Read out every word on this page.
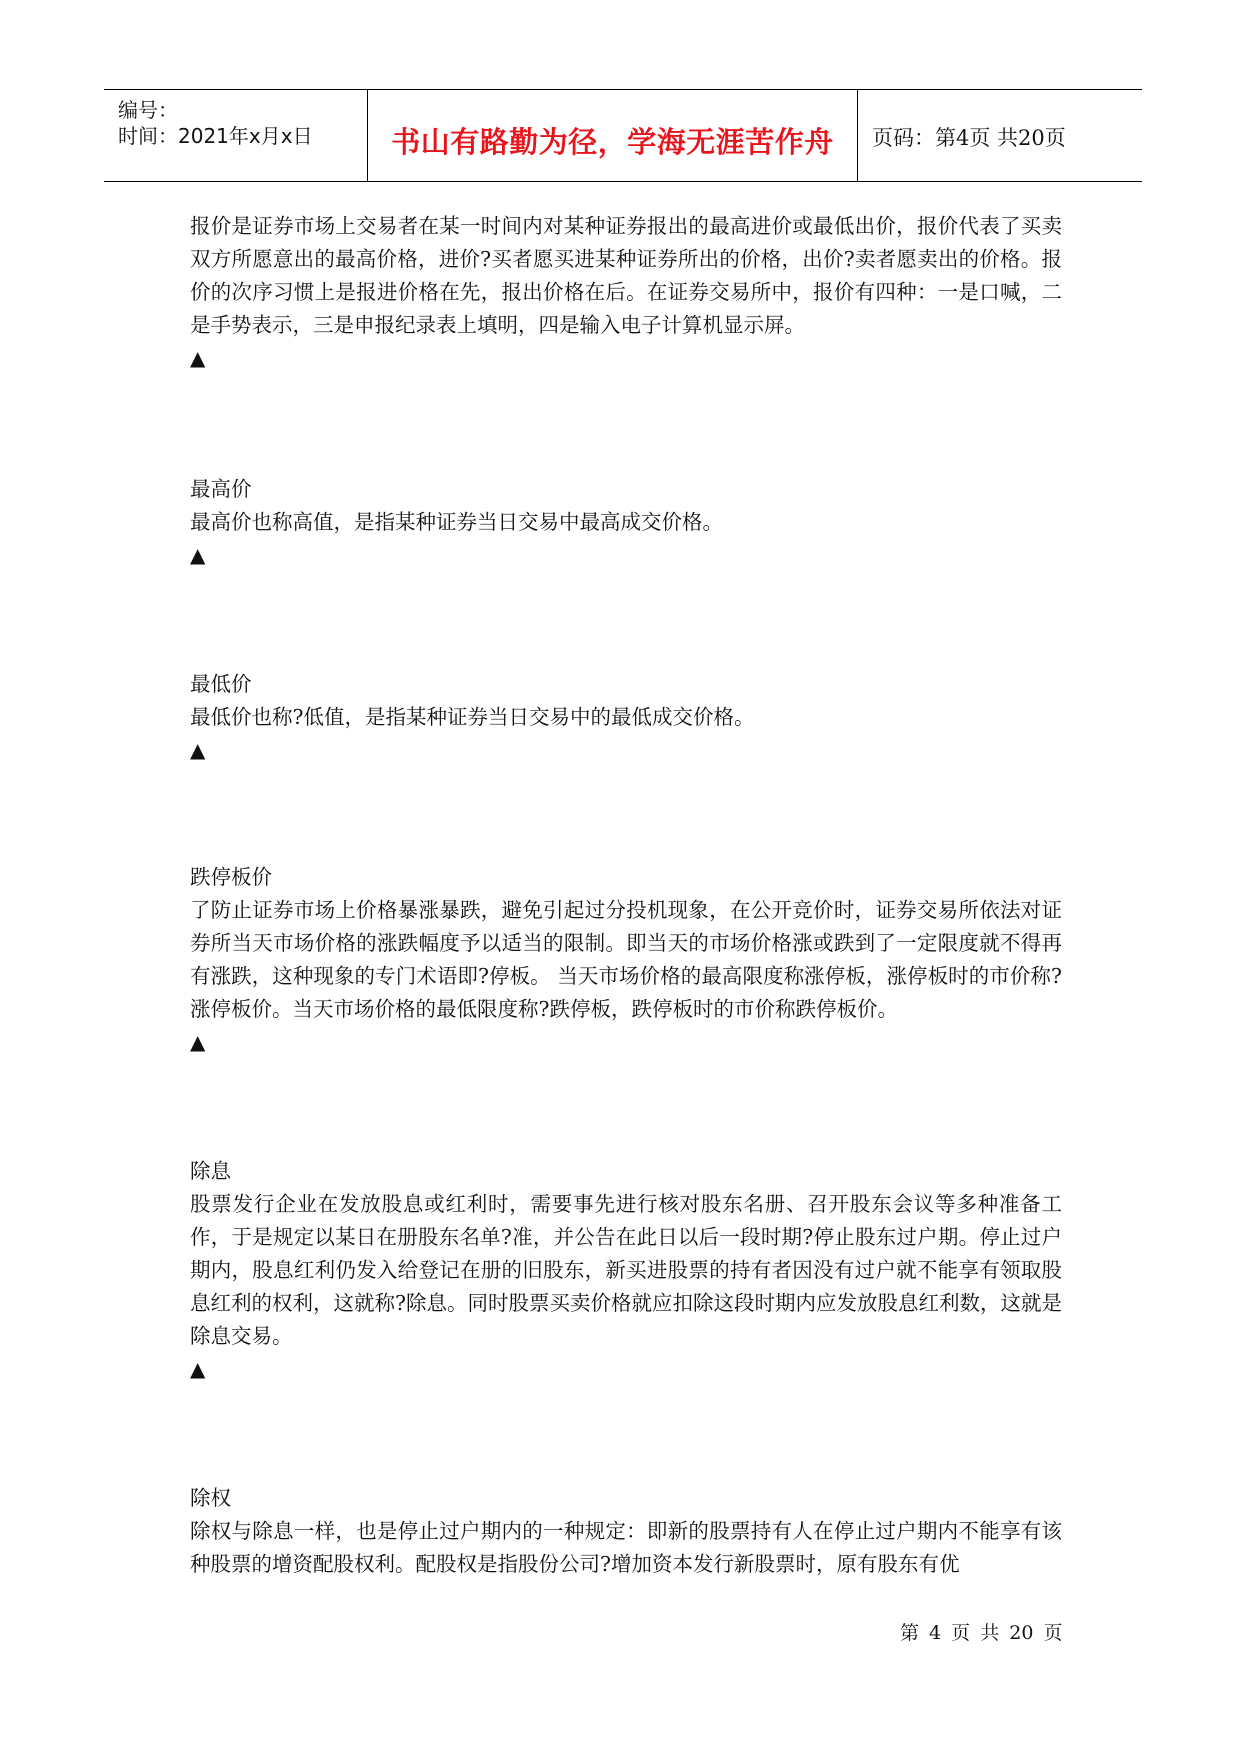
编号：
时间：2021年x月x日	书山有路勤为径，学海无涯苦作舟	页码：第4页 共20页
报价是证券市场上交易者在某一时间内对某种证券报出的最高进价或最低出价，报价代表了买卖双方所愿意出的最高价格，进价?买者愿买进某种证券所出的价格，出价?卖者愿卖出的价格。报价的次序习惯上是报进价格在先，报出价格在后。在证券交易所中，报价有四种：一是口喊，二是手势表示，三是申报纪录表上填明，四是输入电子计算机显示屏。
▲
最高价
最高价也称高值，是指某种证券当日交易中最高成交价格。
▲
最低价
最低价也称?低值，是指某种证券当日交易中的最低成交价格。
▲
跌停板价
了防止证券市场上价格暴涨暴跌，避免引起过分投机现象，在公开竞价时，证券交易所依法对证券所当天市场价格的涨跌幅度予以适当的限制。即当天的市场价格涨或跌到了一定限度就不得再有涨跌，这种现象的专门术语即?停板。 当天市场价格的最高限度称涨停板，涨停板时的市价称?涨停板价。当天市场价格的最低限度称?跌停板，跌停板时的市价称跌停板价。
▲
除息
股票发行企业在发放股息或红利时，需要事先进行核对股东名册、召开股东会议等多种准备工作，于是规定以某日在册股东名单?准，并公告在此日以后一段时期?停止股东过户期。停止过户期内，股息红利仍发入给登记在册的旧股东，新买进股票的持有者因没有过户就不能享有领取股息红利的权利，这就称?除息。同时股票买卖价格就应扣除这段时期内应发放股息红利数，这就是除息交易。
▲
除权
除权与除息一样，也是停止过户期内的一种规定：即新的股票持有人在停止过户期内不能享有该种股票的增资配股权利。配股权是指股份公司?增加资本发行新股票时，原有股东有优
第 4 页 共 20 页
